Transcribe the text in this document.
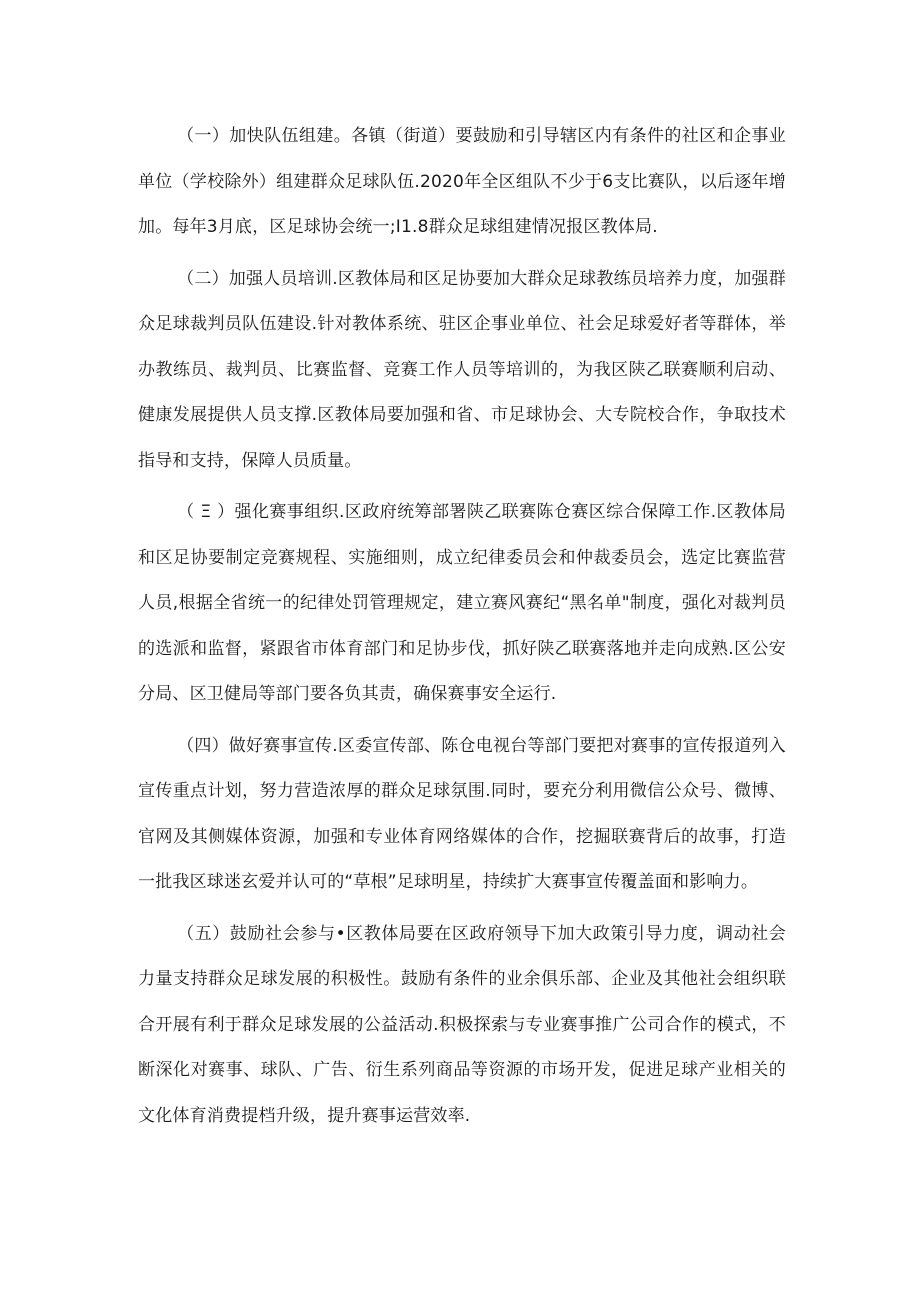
（一）加快队伍组建。各镇（街道）要鼓励和引导辖区内有条件的社区和企事业单位（学校除外）组建群众足球队伍.2020年全区组队不少于6支比赛队，以后逐年增加。每年3月底，区足球协会统一;I1.8群众足球组建情况报区教体局.

（二）加强人员培训.区教体局和区足协要加大群众足球教练员培养力度，加强群众足球裁判员队伍建设.针对教体系统、驻区企事业单位、社会足球爱好者等群体，举办教练员、裁判员、比赛监督、竞赛工作人员等培训的，为我区陕乙联赛顺利启动、健康发展提供人员支撑.区教体局要加强和省、市足球协会、大专院校合作，争取技术指导和支持，保障人员质量。

（ Ξ ）强化赛事组织.区政府统筹部署陕乙联赛陈仓赛区综合保障工作.区教体局和区足协要制定竞赛规程、实施细则，成立纪律委员会和仲裁委员会，选定比赛监营人员,根据全省统一的纪律处罚管理规定，建立赛风赛纪“黑名单"制度，强化对裁判员的选派和监督，紧跟省市体育部门和足协步伐，抓好陕乙联赛落地并走向成熟.区公安分局、区卫健局等部门要各负其责，确保赛事安全运行.

（四）做好赛事宣传.区委宣传部、陈仓电视台等部门要把对赛事的宣传报道列入宣传重点计划，努力营造浓厚的群众足球氛围.同时，要充分利用微信公众号、微博、官网及其侧媒体资源，加强和专业体育网络媒体的合作，挖掘联赛背后的故事，打造一批我区球迷玄爱并认可的“草根”足球明星，持续扩大赛事宣传覆盖面和影响力。

（五）鼓励社会参与•区教体局要在区政府领导下加大政策引导力度，调动社会力量支持群众足球发展的积极性。鼓励有条件的业余俱乐部、企业及其他社会组织联合开展有利于群众足球发展的公益活动.积极探索与专业赛事推广公司合作的模式，不断深化对赛事、球队、广告、衍生系列商品等资源的市场开发，促进足球产业相关的文化体育消费提档升级，提升赛事运营效率.
